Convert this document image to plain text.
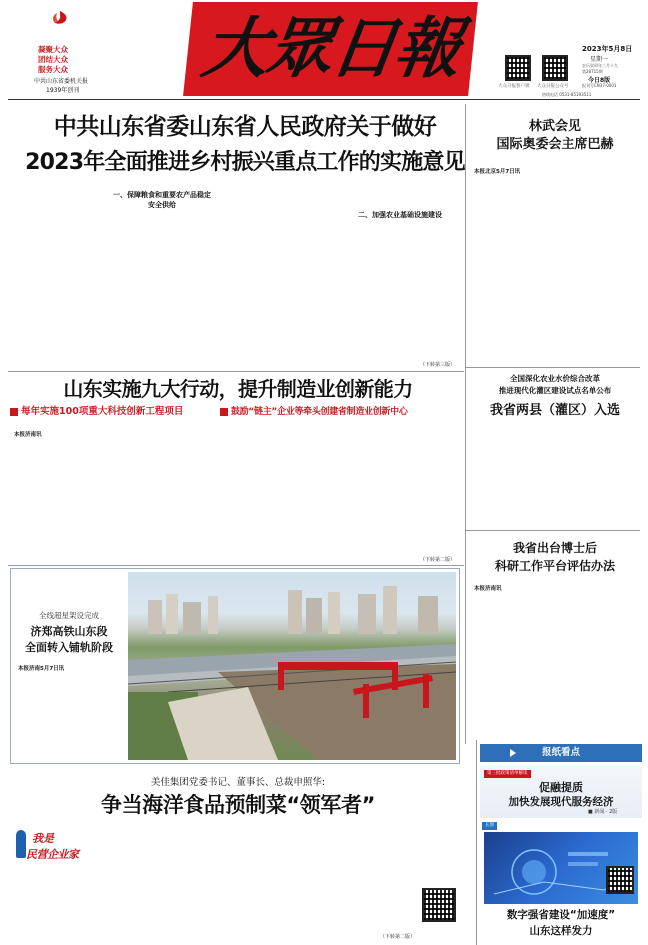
凝聚大众
团结大众
服务大众
中共山东省委机关报
1939年创刊
大眾日報	大众日报客户端 大众日报公众号
2023年5月8日
星期一
农历癸卯年三月十九
第28715期
今日8版
报刊号CN37-0001
热线电话 0531-85193511
中共山东省委山东省人民政府关于做好
2023年全面推进乡村振兴重点工作的实施意见
一、保障粮食和重要农产品稳定安全供给
二、加强农业基础设施建设
（下转第三版）
林武会见
国际奥委会主席巴赫
本报北京5月7日讯
山东实施九大行动，提升制造业创新能力
每年实施100项重大科技创新工程项目	鼓励“链主”企业等牵头创建省制造业创新中心
本报济南讯
（下转第二版）
全国深化农业水价综合改革
推进现代化灌区建设试点名单公布
我省两县（灌区）入选
我省出台博士后
科研工作平台评估办法
本报济南讯
全线超星架设完成
济郑高铁山东段
全面转入铺轨阶段
本报济南5月7日讯
美佳集团党委书记、董事长、总裁申照华:
争当海洋食品预制菜“领军者”
我是
民营企业家
（下转第二版）
报纸看点
第三批政策清单解读
促融提质
加快发展现代服务经济
■ 新闻 · 2版
长图
数字强省建设“加速度”
山东这样发力
